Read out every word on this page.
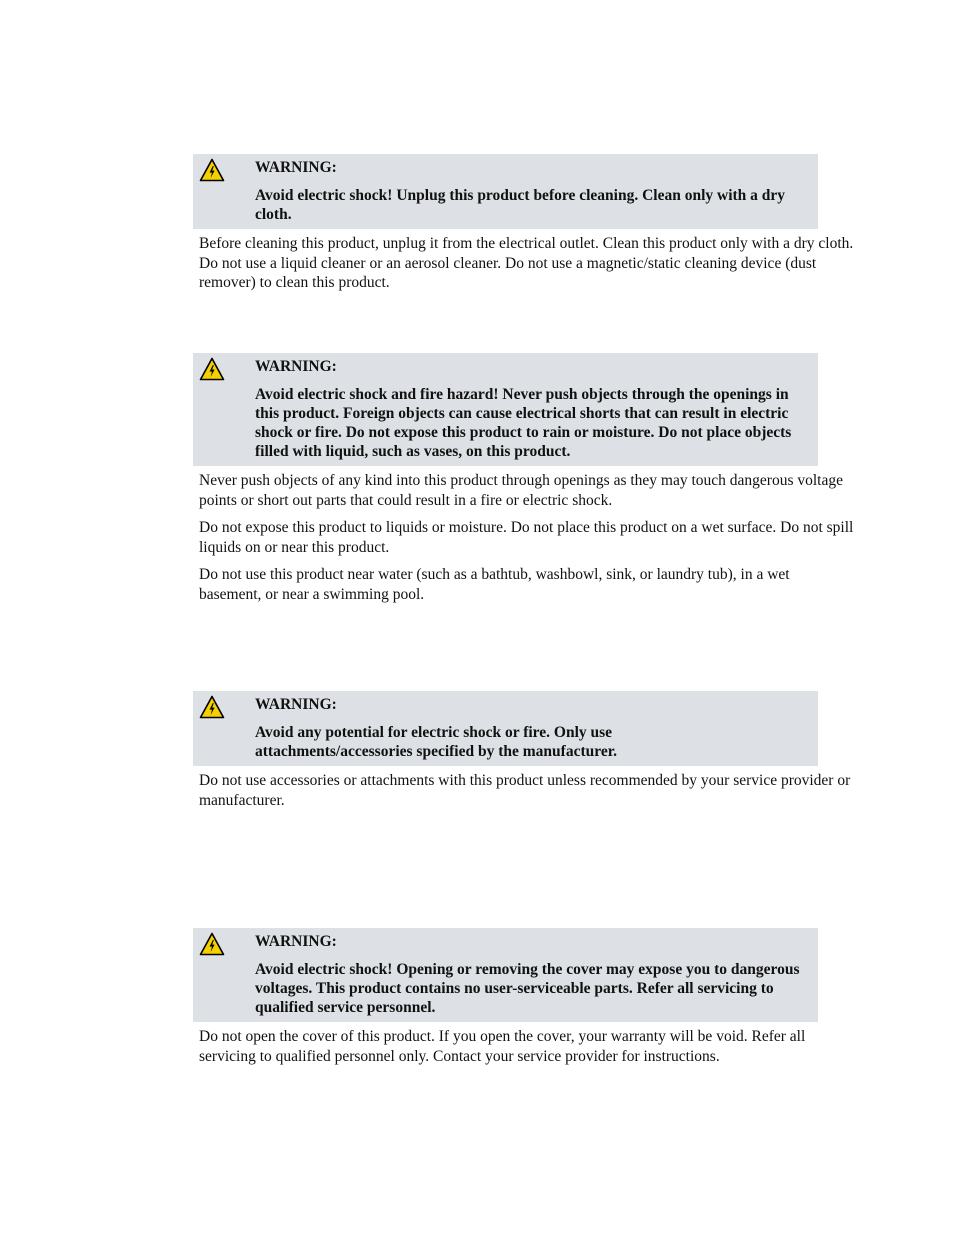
WARNING:

Avoid electric shock! Unplug this product before cleaning. Clean only with a dry cloth.

Before cleaning this product, unplug it from the electrical outlet. Clean this product only with a dry cloth. Do not use a liquid cleaner or an aerosol cleaner. Do not use a magnetic/static cleaning device (dust remover) to clean this product.

WARNING:

Avoid electric shock and fire hazard! Never push objects through the openings in this product. Foreign objects can cause electrical shorts that can result in electric shock or fire. Do not expose this product to rain or moisture. Do not place objects filled with liquid, such as vases, on this product.

Never push objects of any kind into this product through openings as they may touch dangerous voltage points or short out parts that could result in a fire or electric shock.

Do not expose this product to liquids or moisture. Do not place this product on a wet surface. Do not spill liquids on or near this product.

Do not use this product near water (such as a bathtub, washbowl, sink, or laundry tub), in a wet basement, or near a swimming pool.

WARNING:

Avoid any potential for electric shock or fire. Only use attachments/accessories specified by the manufacturer.

Do not use accessories or attachments with this product unless recommended by your service provider or manufacturer.

WARNING:

Avoid electric shock! Opening or removing the cover may expose you to dangerous voltages. This product contains no user-serviceable parts. Refer all servicing to qualified service personnel.

Do not open the cover of this product. If you open the cover, your warranty will be void. Refer all servicing to qualified personnel only. Contact your service provider for instructions.
